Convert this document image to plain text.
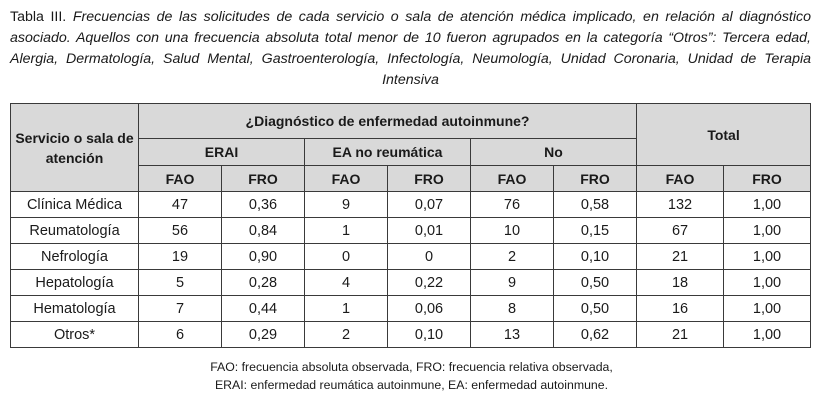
Tabla III. Frecuencias de las solicitudes de cada servicio o sala de atención médica implicado, en relación al diagnóstico asociado. Aquellos con una frecuencia absoluta total menor de 10 fueron agrupados en la categoría “Otros”: Tercera edad, Alergia, Dermatología, Salud Mental, Gastroenterología, Infectología, Neumología, Unidad Coronaria, Unidad de Terapia Intensiva
Servicio o sala de atención	¿Diagnóstico de enfermedad autoinmune?						Total	
	ERAI		EA no reumática		No			
	FAO	FRO	FAO	FRO	FAO	FRO	FAO	FRO
Clínica Médica	47	0,36	9	0,07	76	0,58	132	1,00
Reumatología	56	0,84	1	0,01	10	0,15	67	1,00
Nefrología	19	0,90	0	0	2	0,10	21	1,00
Hepatología	5	0,28	4	0,22	9	0,50	18	1,00
Hematología	7	0,44	1	0,06	8	0,50	16	1,00
Otros*	6	0,29	2	0,10	13	0,62	21	1,00
FAO: frecuencia absoluta observada, FRO: frecuencia relativa observada,
ERAI: enfermedad reumática autoinmune, EA: enfermedad autoinmune.
